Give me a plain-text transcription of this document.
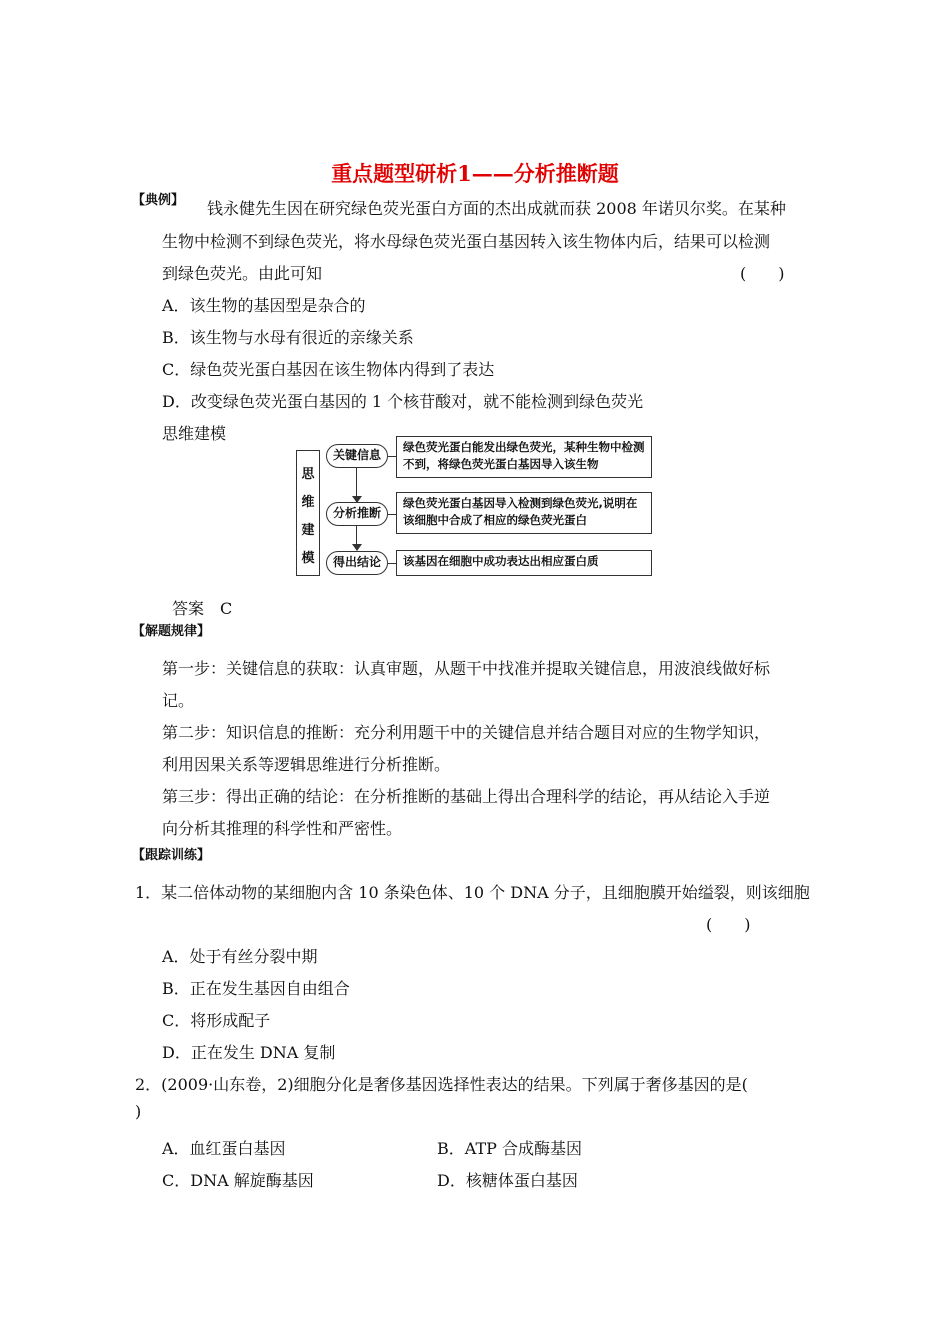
重点题型研析1——分析推断题
【典例】 钱永健先生因在研究绿色荧光蛋白方面的杰出成就而获 2008 年诺贝尔奖。在某种
生物中检测不到绿色荧光，将水母绿色荧光蛋白基因转入该生物体内后，结果可以检测
到绿色荧光。由此可知	(　　)
A．该生物的基因型是杂合的
B．该生物与水母有很近的亲缘关系
C．绿色荧光蛋白基因在该生物体内得到了表达
D．改变绿色荧光蛋白基因的 1 个核苷酸对，就不能检测到绿色荧光
思维建模
思
维
建
模
关键信息
绿色荧光蛋白能发出绿色荧光，某种生物中检测不到，将绿色荧光蛋白基因导入该生物
分析推断
绿色荧光蛋白基因导入检测到绿色荧光,说明在该细胞中合成了相应的绿色荧光蛋白
得出结论	该基因在细胞中成功表达出相应蛋白质
答案　C
【解题规律】
第一步：关键信息的获取：认真审题，从题干中找准并提取关键信息，用波浪线做好标
记。
第二步：知识信息的推断：充分利用题干中的关键信息并结合题目对应的生物学知识，
利用因果关系等逻辑思维进行分析推断。
第三步：得出正确的结论：在分析推断的基础上得出合理科学的结论，再从结论入手逆
向分析其推理的科学性和严密性。
【跟踪训练】
1．某二倍体动物的某细胞内含 10 条染色体、10 个 DNA 分子，且细胞膜开始缢裂，则该细胞
(　　)
A．处于有丝分裂中期
B．正在发生基因自由组合
C．将形成配子
D．正在发生 DNA 复制
2．(2009·山东卷，2)细胞分化是奢侈基因选择性表达的结果。下列属于奢侈基因的是(
)
A．血红蛋白基因	B．ATP 合成酶基因
C．DNA 解旋酶基因	D．核糖体蛋白基因
